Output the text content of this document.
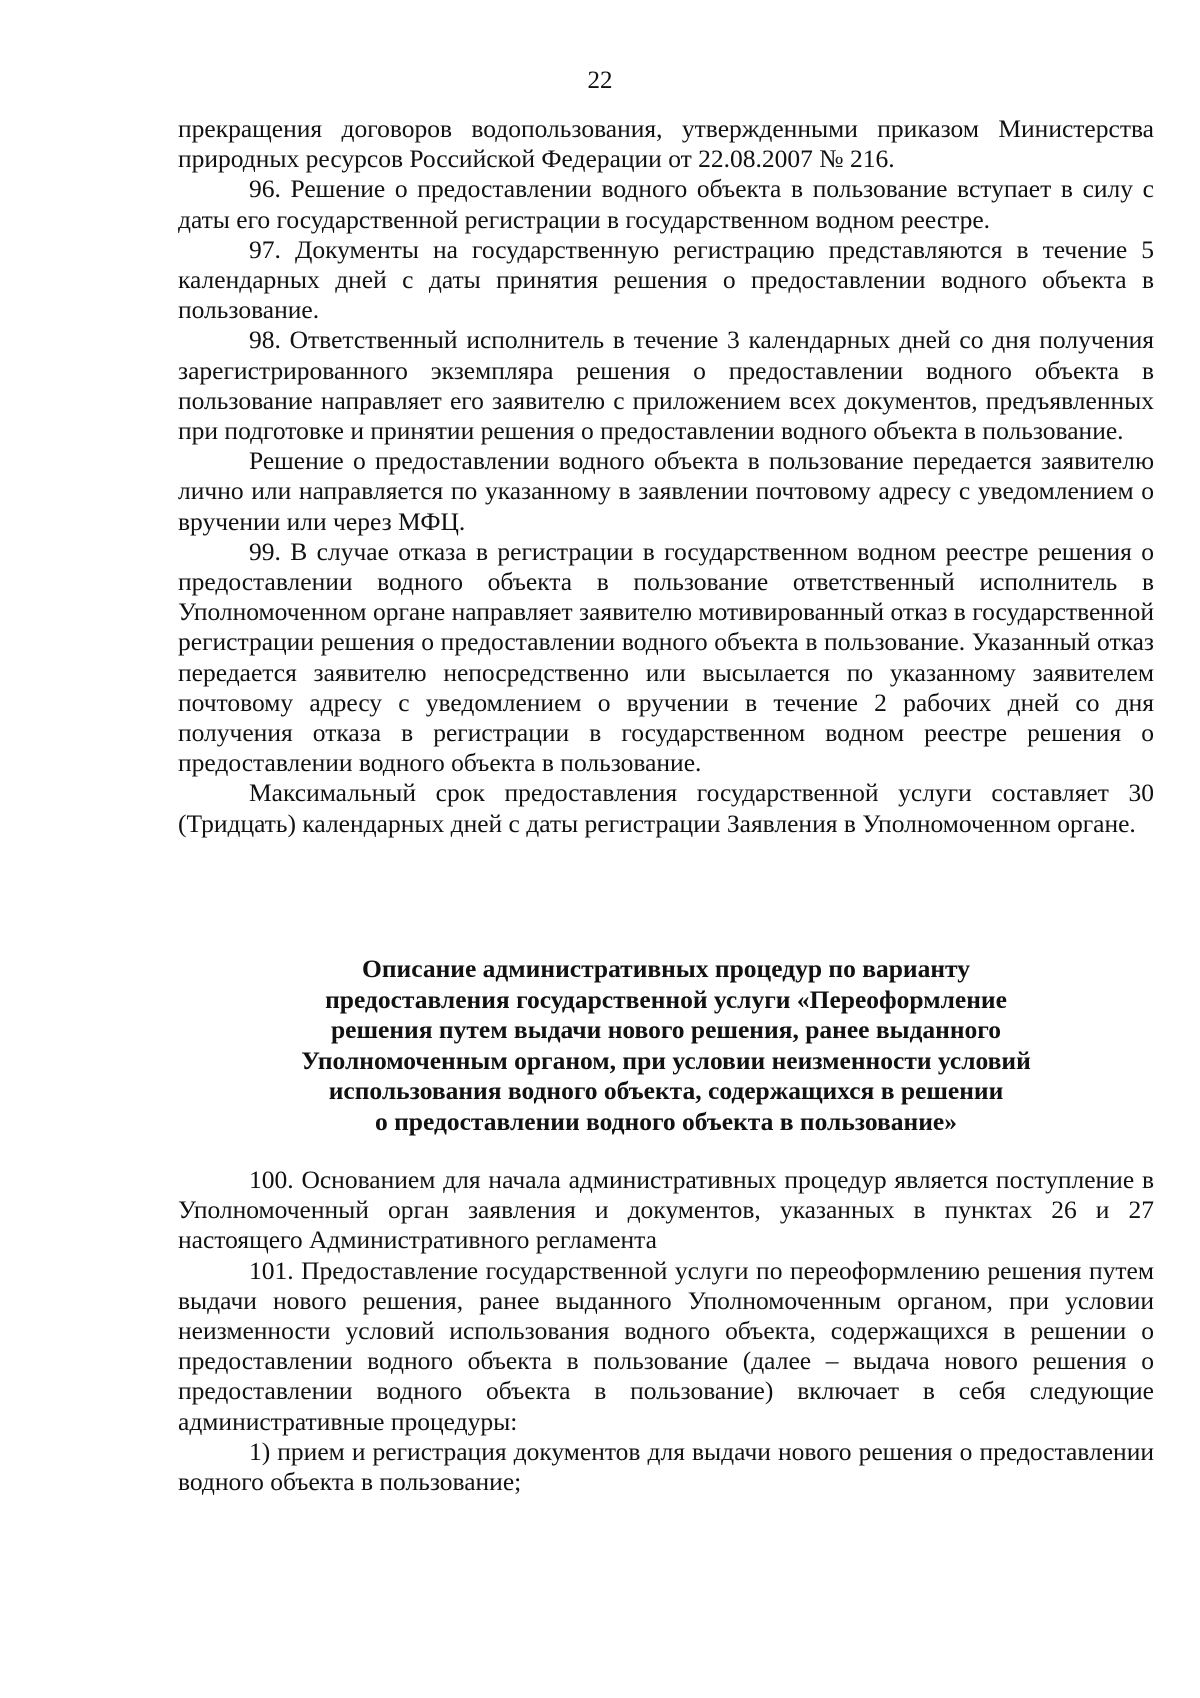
22

прекращения договоров водопользования, утвержденными приказом Министерства природных ресурсов Российской Федерации от 22.08.2007 № 216.

96. Решение о предоставлении водного объекта в пользование вступает в силу с даты его государственной регистрации в государственном водном реестре.

97. Документы на государственную регистрацию представляются в течение 5 календарных дней с даты принятия решения о предоставлении водного объекта в пользование.

98. Ответственный исполнитель в течение 3 календарных дней со дня получения зарегистрированного экземпляра решения о предоставлении водного объекта в пользование направляет его заявителю с приложением всех документов, предъявленных при подготовке и принятии решения о предоставлении водного объекта в пользование.

Решение о предоставлении водного объекта в пользование передается заявителю лично или направляется по указанному в заявлении почтовому адресу с уведомлением о вручении или через МФЦ.

99. В случае отказа в регистрации в государственном водном реестре решения о предоставлении водного объекта в пользование ответственный исполнитель в Уполномоченном органе направляет заявителю мотивированный отказ в государственной регистрации решения о предоставлении водного объекта в пользование. Указанный отказ передается заявителю непосредственно или высылается по указанному заявителем почтовому адресу с уведомлением о вручении в течение 2 рабочих дней со дня получения отказа в регистрации в государственном водном реестре решения о предоставлении водного объекта в пользование.

Максимальный срок предоставления государственной услуги составляет 30 (Тридцать) календарных дней с даты регистрации Заявления в Уполномоченном органе.

Описание административных процедур по варианту
предоставления государственной услуги «Переоформление
решения путем выдачи нового решения, ранее выданного
Уполномоченным органом, при условии неизменности условий
использования водного объекта, содержащихся в решении
о предоставлении водного объекта в пользование»

100. Основанием для начала административных процедур является поступление в Уполномоченный орган заявления и документов, указанных в пунктах 26 и 27 настоящего Административного регламента

101. Предоставление государственной услуги по переоформлению решения путем выдачи нового решения, ранее выданного Уполномоченным органом, при условии неизменности условий использования водного объекта, содержащихся в решении о предоставлении водного объекта в пользование (далее – выдача нового решения о предоставлении водного объекта в пользование) включает в себя следующие административные процедуры:

1) прием и регистрация документов для выдачи нового решения о предоставлении водного объекта в пользование;
